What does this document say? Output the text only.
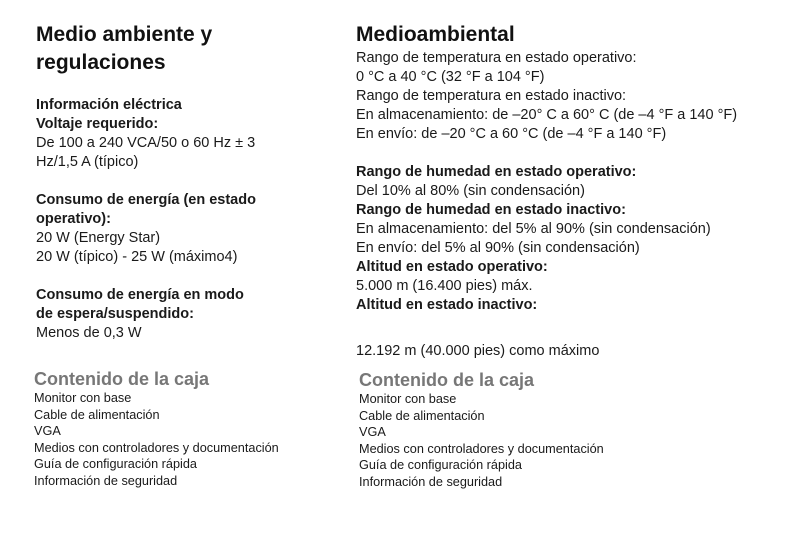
Medio ambiente y
regulaciones
Información eléctrica
Voltaje requerido:
De 100 a 240 VCA/50 o 60 Hz ± 3
Hz/1,5 A (típico)
Consumo de energía (en estado
operativo):
20 W (Energy Star)
20 W (típico) - 25 W (máximo4)
Consumo de energía en modo
de espera/suspendido:
Menos de 0,3 W
Medioambiental
Rango de temperatura en estado operativo:
0 °C a 40 °C (32 °F a 104 °F)
Rango de temperatura en estado inactivo:
En almacenamiento: de –20° C a 60° C (de –4 °F a 140 °F)
En envío: de –20 °C a 60 °C (de –4 °F a 140 °F)
Rango de humedad en estado operativo:
Del 10% al 80% (sin condensación)
Rango de humedad en estado inactivo:
En almacenamiento: del 5% al 90% (sin condensación)
En envío: del 5% al 90% (sin condensación)
Altitud en estado operativo:
5.000 m (16.400 pies) máx.
Altitud en estado inactivo:
12.192 m (40.000 pies) como máximo
Contenido de la caja
Monitor con base
Cable de alimentación
VGA
Medios con controladores y documentación
Guía de configuración rápida
Información de seguridad
Contenido de la caja
Monitor con base
Cable de alimentación
VGA
Medios con controladores y documentación
Guía de configuración rápida
Información de seguridad
